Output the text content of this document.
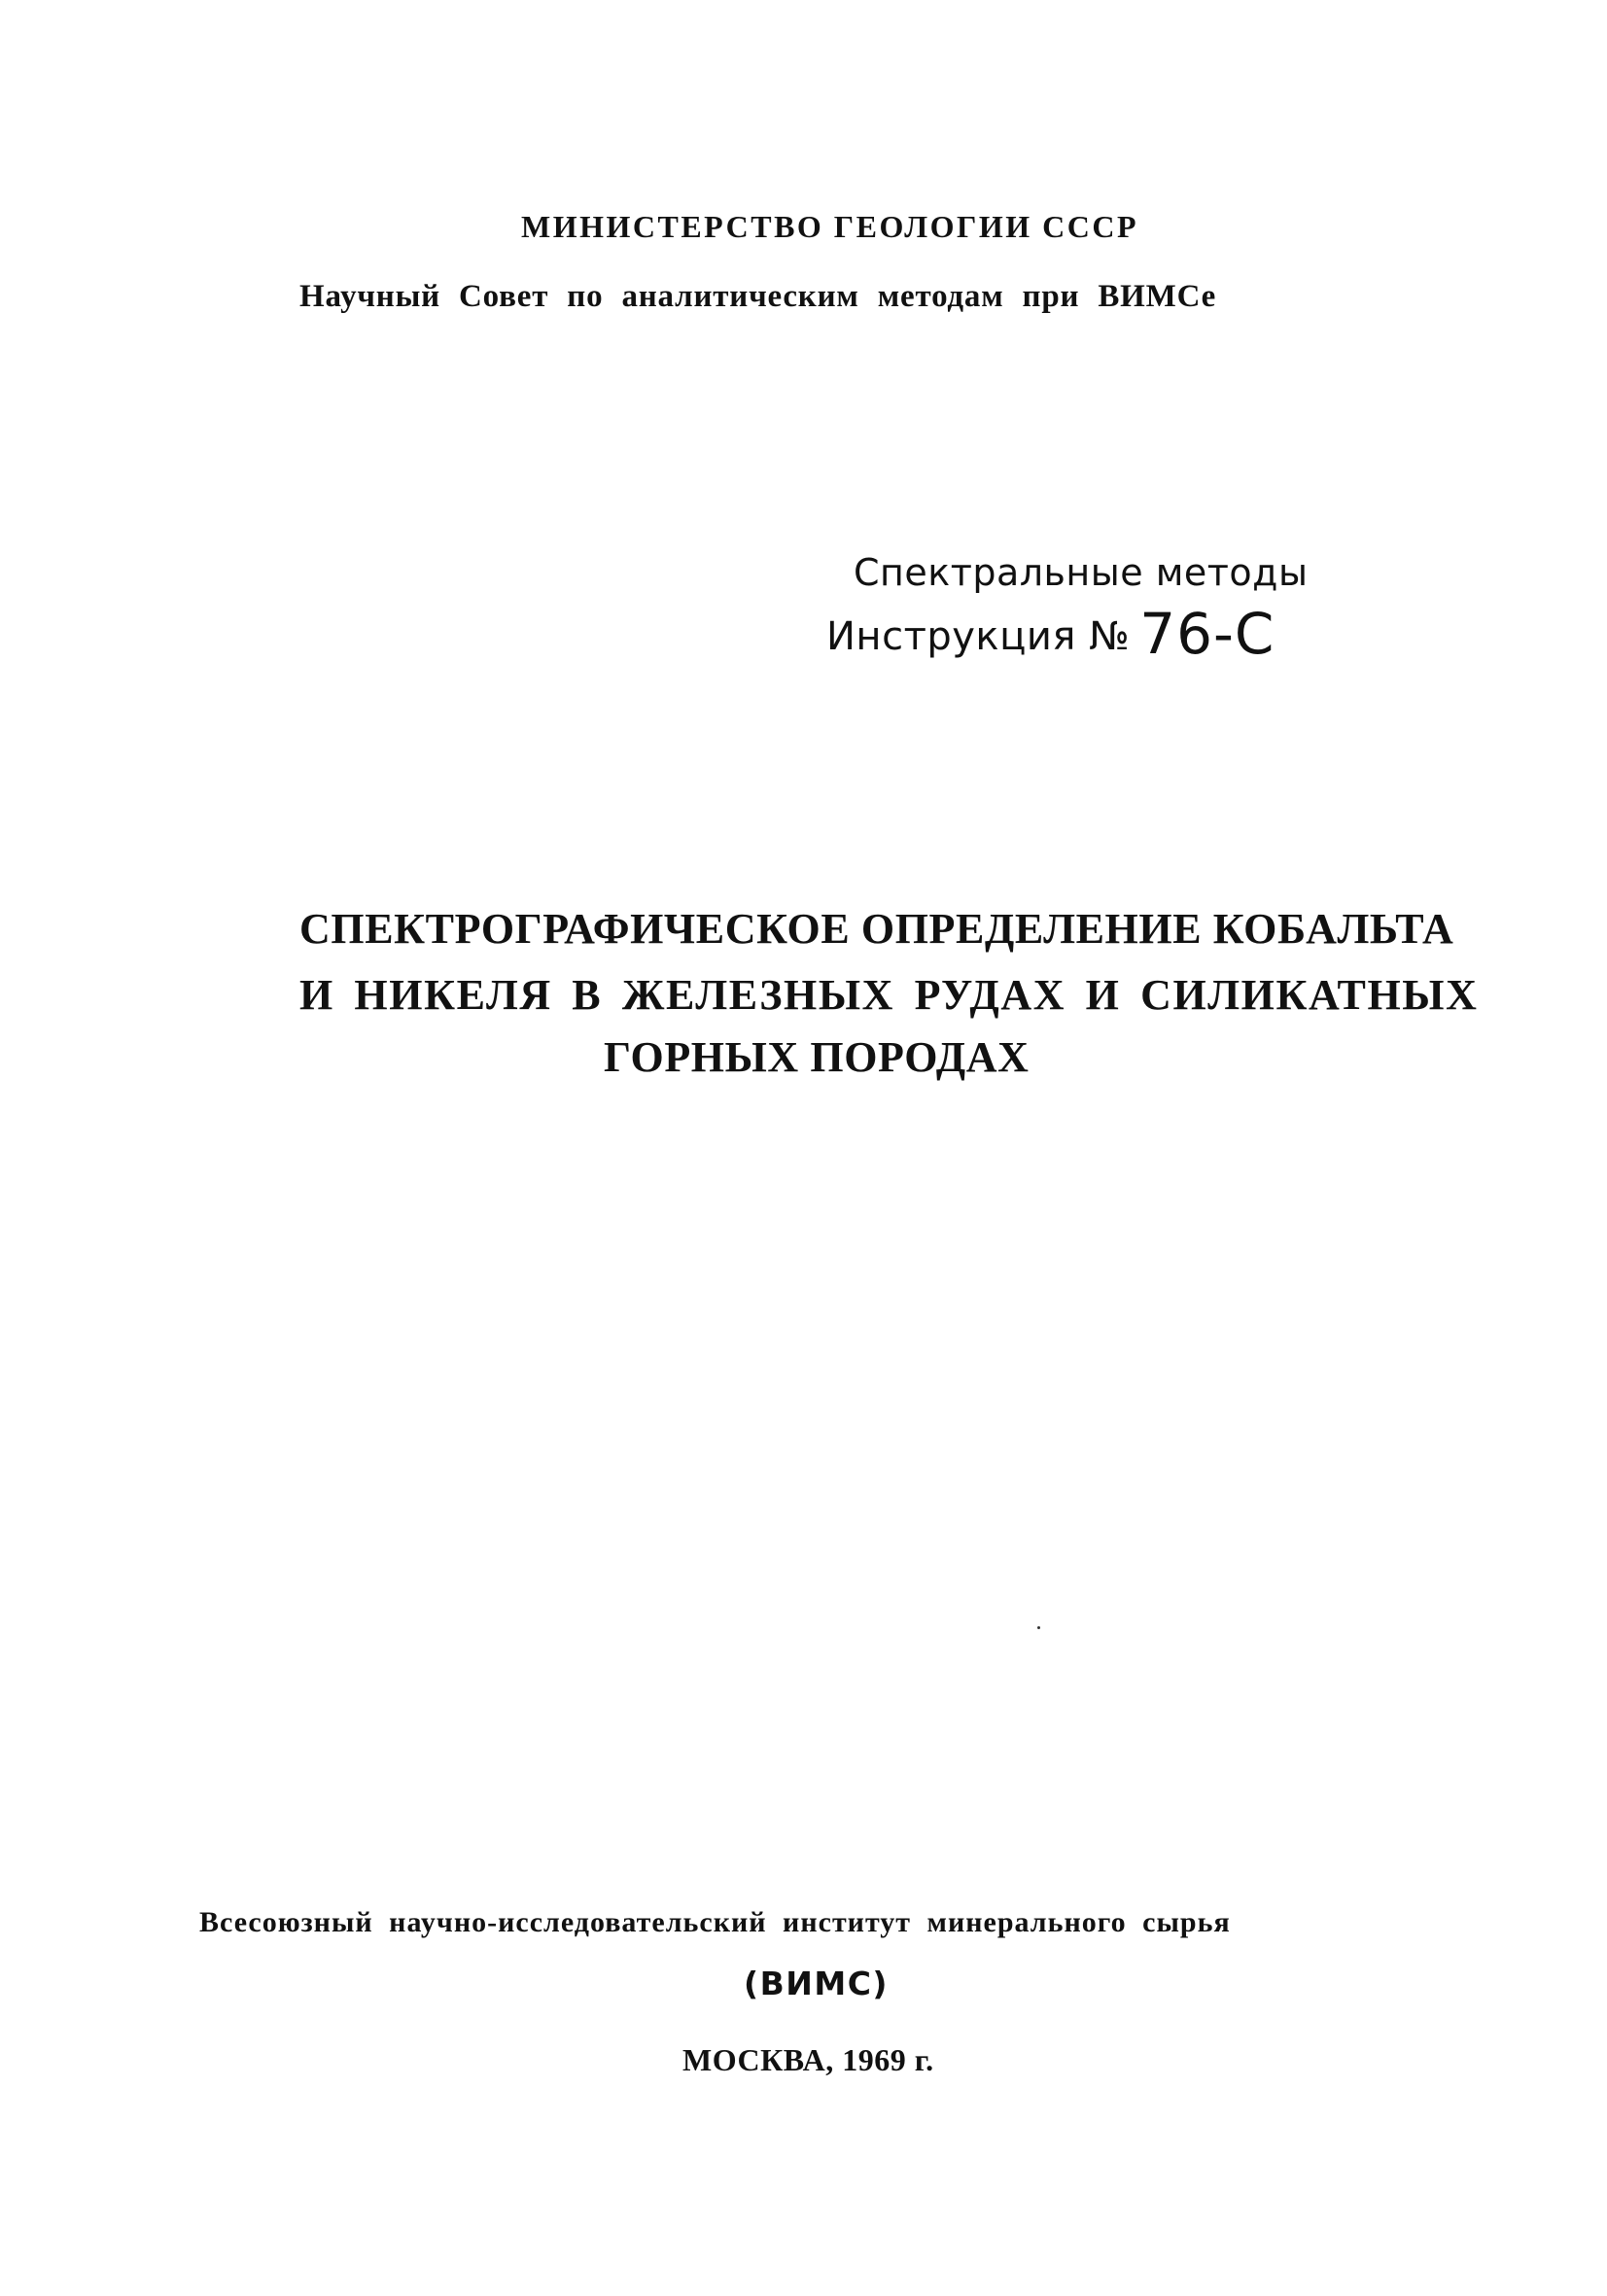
МИНИСТЕРСТВО ГЕОЛОГИИ СССР

Научный Совет по аналитическим методам при ВИМСе

Спектральные методы

Инструкция № 76-С

СПЕКТРОГРАФИЧЕСКОЕ ОПРЕДЕЛЕНИЕ КОБАЛЬТА
И НИКЕЛЯ В ЖЕЛЕЗНЫХ РУДАХ И СИЛИКАТНЫХ
ГОРНЫХ ПОРОДАХ

Всесоюзный научно-исследовательский институт минерального сырья

(ВИМС)

МОСКВА, 1969 г.
